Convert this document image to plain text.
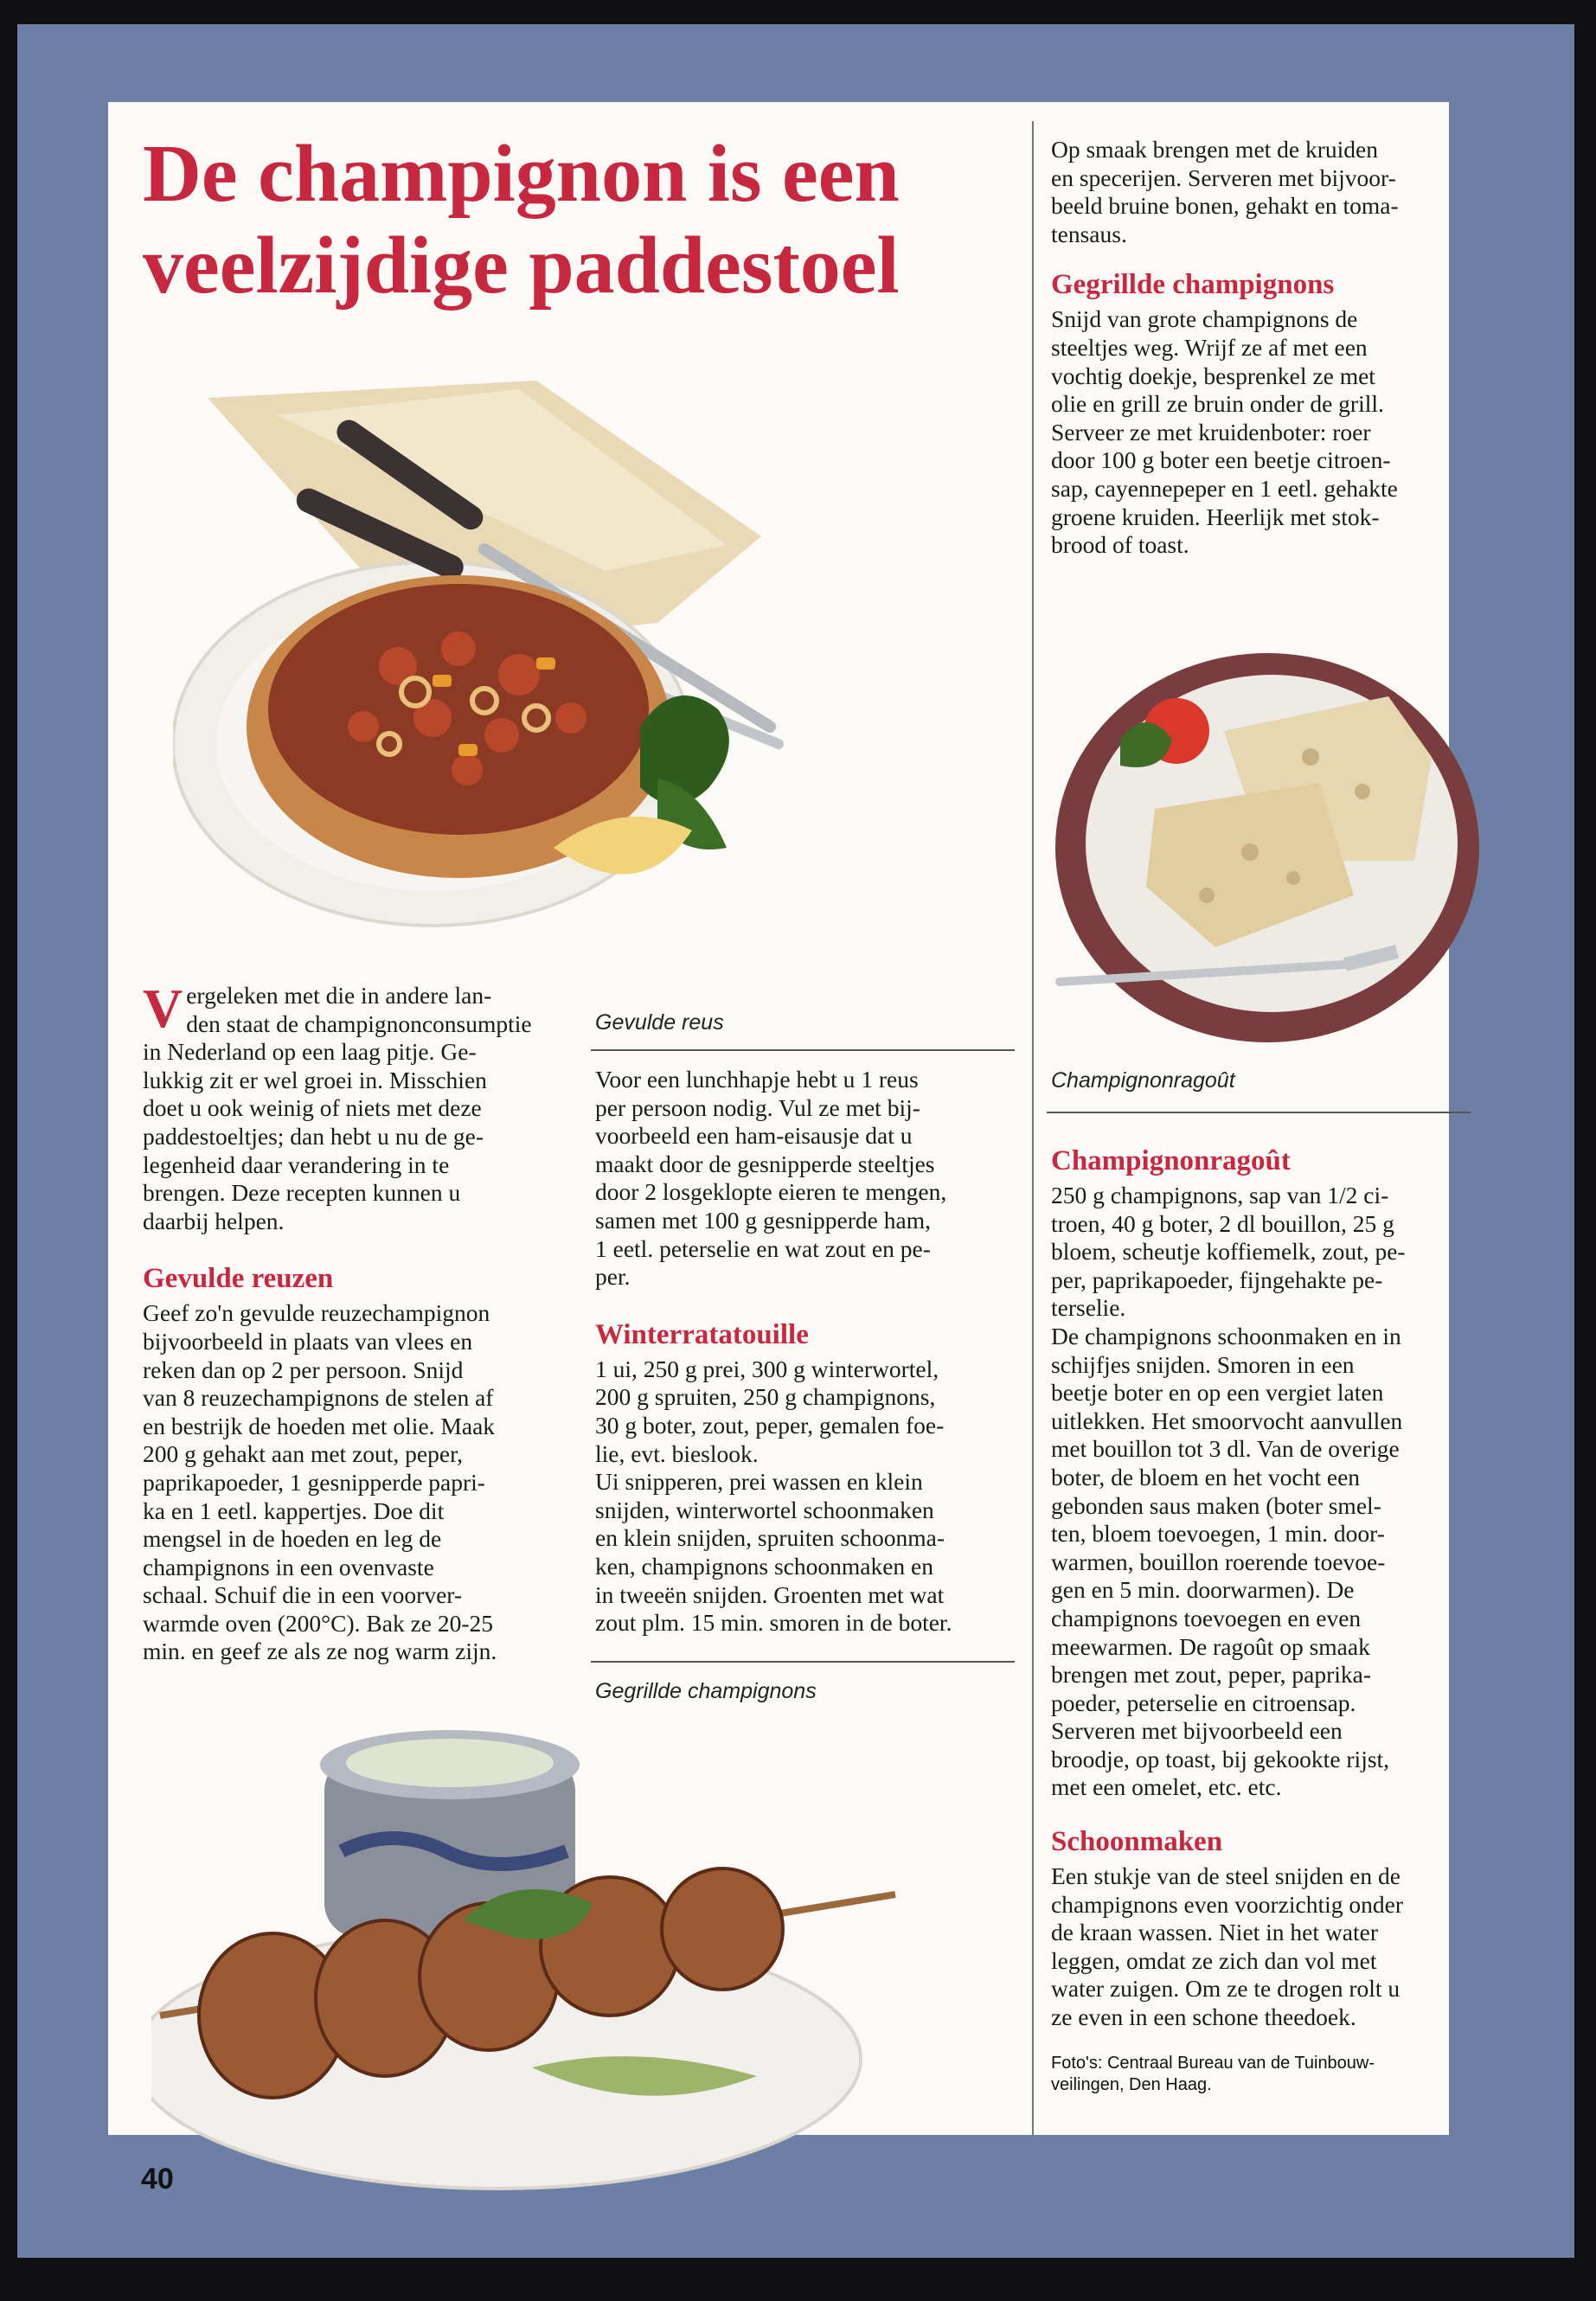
De champignon is een
veelzijdige paddestoel

Vergeleken met die in andere lan-
den staat de champignonconsumptie
in Nederland op een laag pitje. Ge-
lukkig zit er wel groei in. Misschien
doet u ook weinig of niets met deze
paddestoeltjes; dan hebt u nu de ge-
legenheid daar verandering in te
brengen. Deze recepten kunnen u
daarbij helpen.

Gevulde reuzen

Geef zo'n gevulde reuzechampignon
bijvoorbeeld in plaats van vlees en
reken dan op 2 per persoon. Snijd
van 8 reuzechampignons de stelen af
en bestrijk de hoeden met olie. Maak
200 g gehakt aan met zout, peper,
paprikapoeder, 1 gesnipperde papri-
ka en 1 eetl. kappertjes. Doe dit
mengsel in de hoeden en leg de
champignons in een ovenvaste
schaal. Schuif die in een voorver-
warmde oven (200°C). Bak ze 20-25
min. en geef ze als ze nog warm zijn.

Gevulde reus

Voor een lunchhapje hebt u 1 reus
per persoon nodig. Vul ze met bij-
voorbeeld een ham-eisausje dat u
maakt door de gesnipperde steeltjes
door 2 losgeklopte eieren te mengen,
samen met 100 g gesnipperde ham,
1 eetl. peterselie en wat zout en pe-
per.

Winterratatouille

1 ui, 250 g prei, 300 g winterwortel,
200 g spruiten, 250 g champignons,
30 g boter, zout, peper, gemalen foe-
lie, evt. bieslook.
Ui snipperen, prei wassen en klein
snijden, winterwortel schoonmaken
en klein snijden, spruiten schoonma-
ken, champignons schoonmaken en
in tweeën snijden. Groenten met wat
zout plm. 15 min. smoren in de boter.

Gegrillde champignons

Op smaak brengen met de kruiden
en specerijen. Serveren met bijvoor-
beeld bruine bonen, gehakt en toma-
tensaus.

Gegrillde champignons

Snijd van grote champignons de
steeltjes weg. Wrijf ze af met een
vochtig doekje, besprenkel ze met
olie en grill ze bruin onder de grill.
Serveer ze met kruidenboter: roer
door 100 g boter een beetje citroen-
sap, cayennepeper en 1 eetl. gehakte
groene kruiden. Heerlijk met stok-
brood of toast.

Champignonragoût
Champignonragoût

250 g champignons, sap van 1/2 ci-
troen, 40 g boter, 2 dl bouillon, 25 g
bloem, scheutje koffiemelk, zout, pe-
per, paprikapoeder, fijngehakte pe-
terselie.
De champignons schoonmaken en in
schijfjes snijden. Smoren in een
beetje boter en op een vergiet laten
uitlekken. Het smoorvocht aanvullen
met bouillon tot 3 dl. Van de overige
boter, de bloem en het vocht een
gebonden saus maken (boter smel-
ten, bloem toevoegen, 1 min. door-
warmen, bouillon roerende toevoe-
gen en 5 min. doorwarmen). De
champignons toevoegen en even
meewarmen. De ragoût op smaak
brengen met zout, peper, paprika-
poeder, peterselie en citroensap.
Serveren met bijvoorbeeld een
broodje, op toast, bij gekookte rijst,
met een omelet, etc. etc.

Schoonmaken

Een stukje van de steel snijden en de
champignons even voorzichtig onder
de kraan wassen. Niet in het water
leggen, omdat ze zich dan vol met
water zuigen. Om ze te drogen rolt u
ze even in een schone theedoek.

Foto's: Centraal Bureau van de Tuinbouw-
veilingen, Den Haag.

40
